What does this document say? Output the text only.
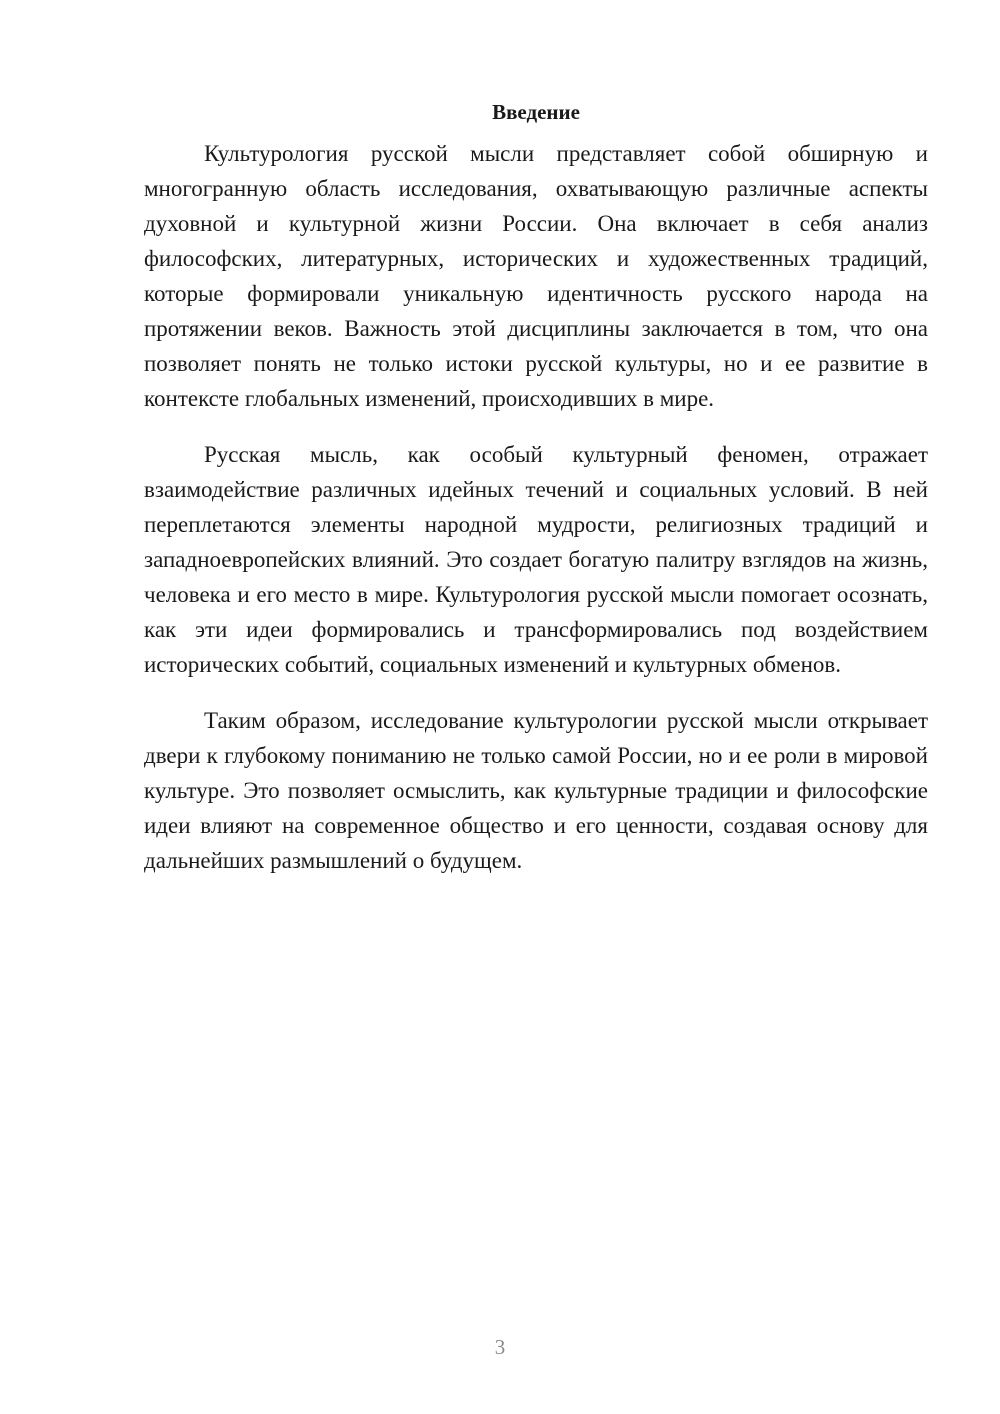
Введение

Культурология русской мысли представляет собой обширную и многогранную область исследования, охватывающую различные аспекты духовной и культурной жизни России. Она включает в себя анализ философских, литературных, исторических и художественных традиций, которые формировали уникальную идентичность русского народа на протяжении веков. Важность этой дисциплины заключается в том, что она позволяет понять не только истоки русской культуры, но и ее развитие в контексте глобальных изменений, происходивших в мире.

Русская мысль, как особый культурный феномен, отражает взаимодействие различных идейных течений и социальных условий. В ней переплетаются элементы народной мудрости, религиозных традиций и западноевропейских влияний. Это создает богатую палитру взглядов на жизнь, человека и его место в мире. Культурология русской мысли помогает осознать, как эти идеи формировались и трансформировались под воздействием исторических событий, социальных изменений и культурных обменов.

Таким образом, исследование культурологии русской мысли открывает двери к глубокому пониманию не только самой России, но и ее роли в мировой культуре. Это позволяет осмыслить, как культурные традиции и философские идеи влияют на современное общество и его ценности, создавая основу для дальнейших размышлений о будущем.

3
